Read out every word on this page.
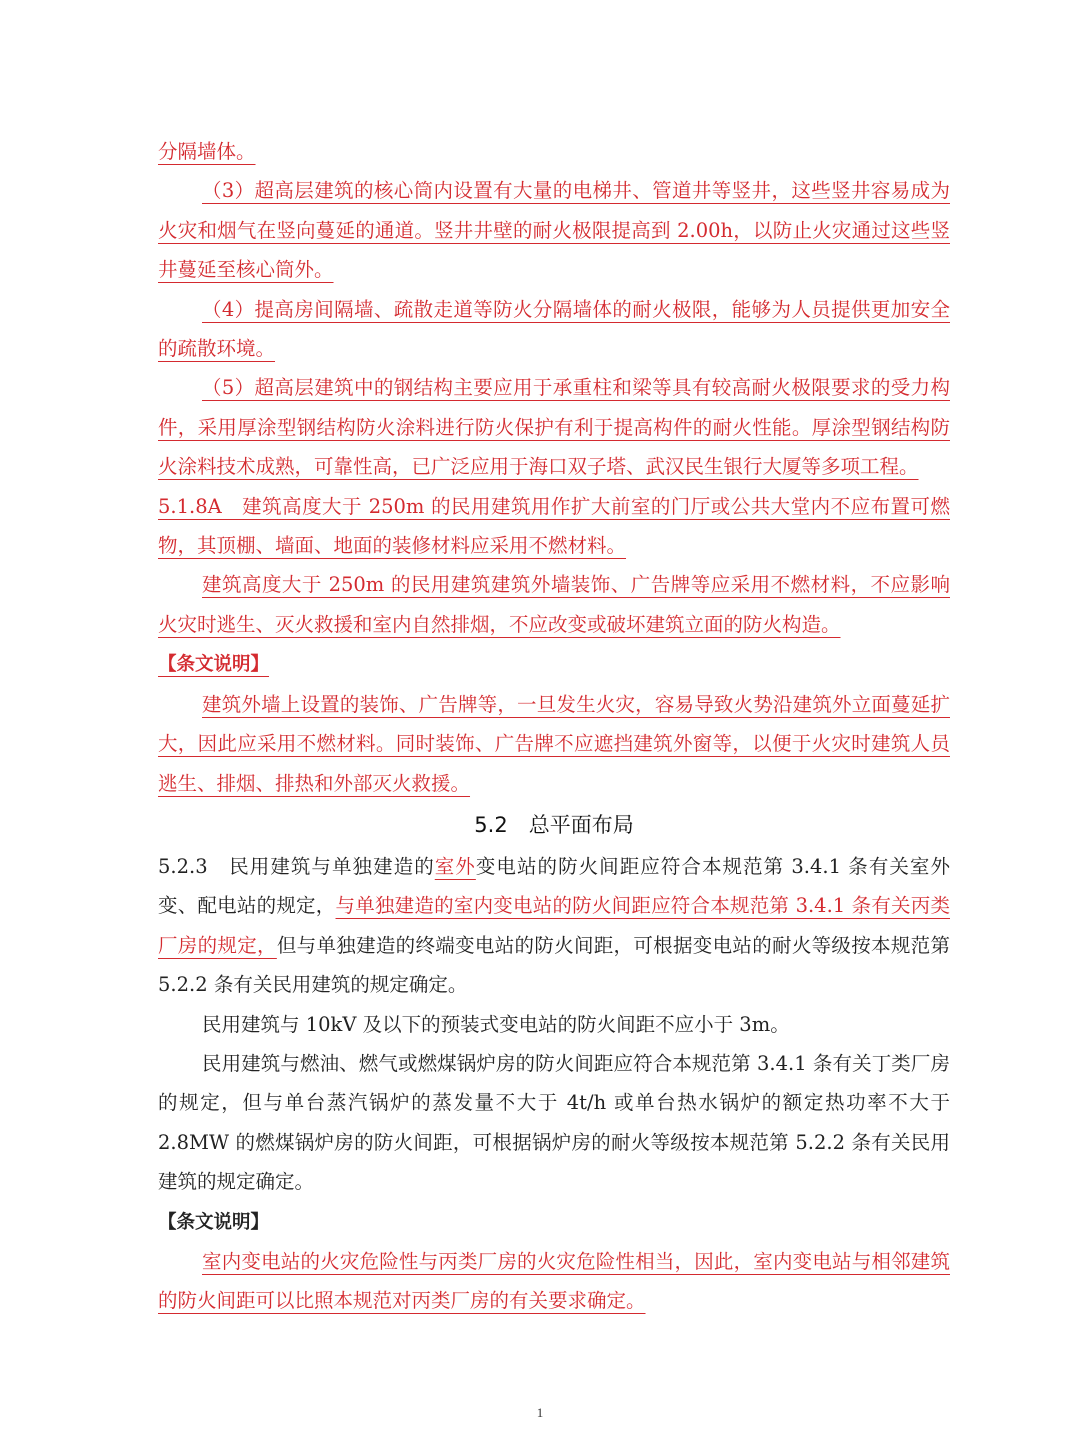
分隔墙体。

（3）超高层建筑的核心筒内设置有大量的电梯井、管道井等竖井，这些竖井容易成为火灾和烟气在竖向蔓延的通道。竖井井壁的耐火极限提高到 2.00h，以防止火灾通过这些竖井蔓延至核心筒外。

（4）提高房间隔墙、疏散走道等防火分隔墙体的耐火极限，能够为人员提供更加安全的疏散环境。

（5）超高层建筑中的钢结构主要应用于承重柱和梁等具有较高耐火极限要求的受力构件，采用厚涂型钢结构防火涂料进行防火保护有利于提高构件的耐火性能。厚涂型钢结构防火涂料技术成熟，可靠性高，已广泛应用于海口双子塔、武汉民生银行大厦等多项工程。

5.1.8A　建筑高度大于 250m 的民用建筑用作扩大前室的门厅或公共大堂内不应布置可燃物，其顶棚、墙面、地面的装修材料应采用不燃材料。

建筑高度大于 250m 的民用建筑建筑外墙装饰、广告牌等应采用不燃材料，不应影响火灾时逃生、灭火救援和室内自然排烟，不应改变或破坏建筑立面的防火构造。

【条文说明】

建筑外墙上设置的装饰、广告牌等，一旦发生火灾，容易导致火势沿建筑外立面蔓延扩大，因此应采用不燃材料。同时装饰、广告牌不应遮挡建筑外窗等，以便于火灾时建筑人员逃生、排烟、排热和外部灭火救援。

5.2　总平面布局

5.2.3　民用建筑与单独建造的室外变电站的防火间距应符合本规范第 3.4.1 条有关室外变、配电站的规定，与单独建造的室内变电站的防火间距应符合本规范第 3.4.1 条有关丙类厂房的规定，但与单独建造的终端变电站的防火间距，可根据变电站的耐火等级按本规范第 5.2.2 条有关民用建筑的规定确定。

民用建筑与 10kV 及以下的预装式变电站的防火间距不应小于 3m。

民用建筑与燃油、燃气或燃煤锅炉房的防火间距应符合本规范第 3.4.1 条有关丁类厂房的规定，但与单台蒸汽锅炉的蒸发量不大于 4t/h 或单台热水锅炉的额定热功率不大于 2.8MW 的燃煤锅炉房的防火间距，可根据锅炉房的耐火等级按本规范第 5.2.2 条有关民用建筑的规定确定。

【条文说明】

室内变电站的火灾危险性与丙类厂房的火灾危险性相当，因此，室内变电站与相邻建筑的防火间距可以比照本规范对丙类厂房的有关要求确定。

1
